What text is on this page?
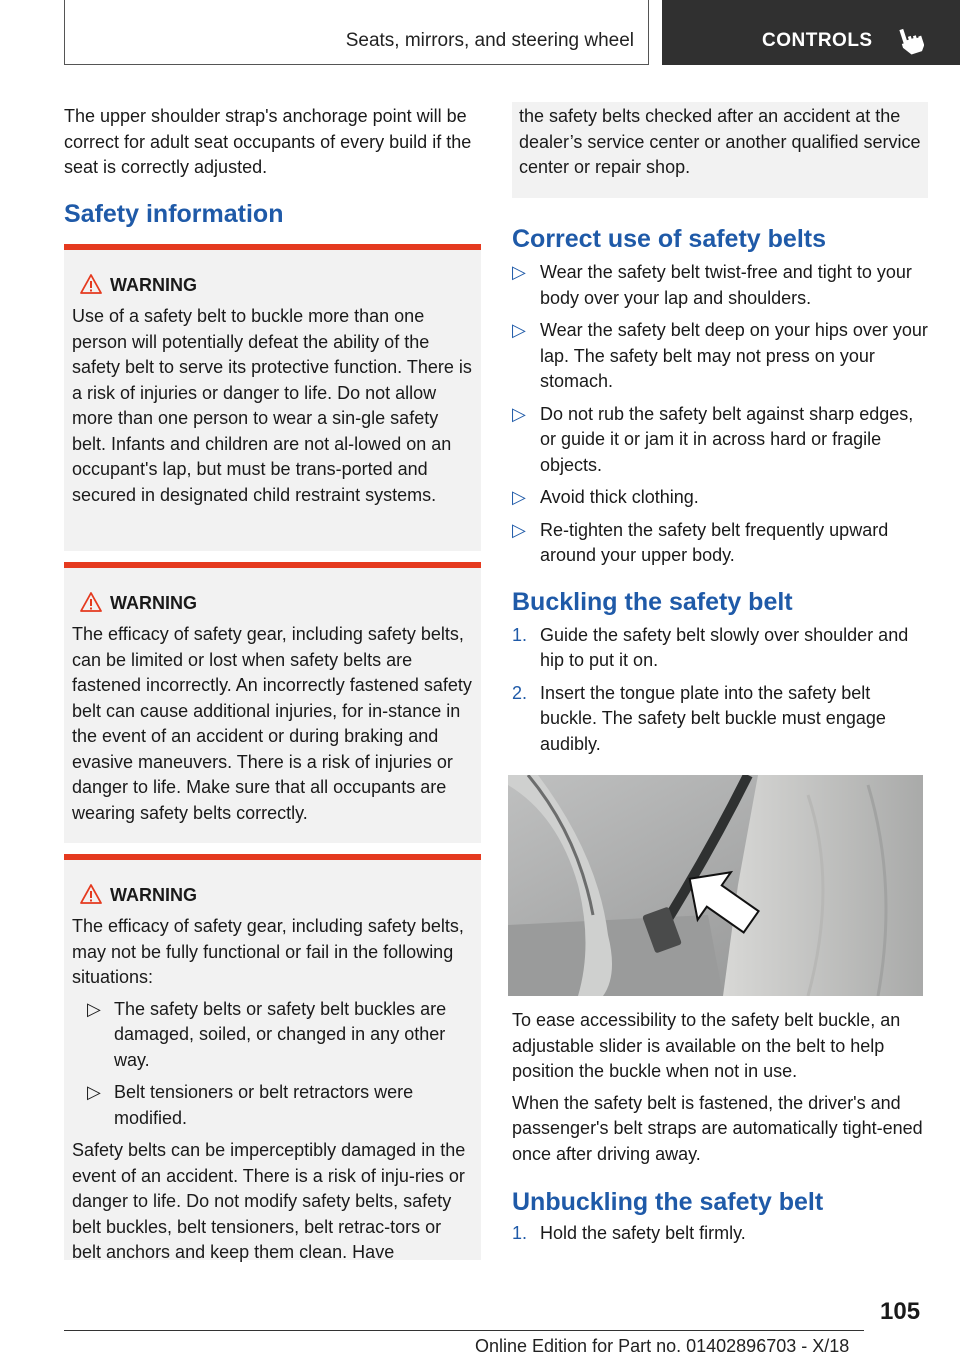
Seats, mirrors, and steering wheel	CONTROLS

The upper shoulder strap's anchorage point will be correct for adult seat occupants of every build if the seat is correctly adjusted.

Safety information
WARNING

Use of a safety belt to buckle more than one person will potentially defeat the ability of the safety belt to serve its protective function. There is a risk of injuries or danger to life. Do not allow more than one person to wear a sin‐gle safety belt. Infants and children are not al‐lowed on an occupant's lap, but must be trans‐ported and secured in designated child restraint systems.

WARNING

The efficacy of safety gear, including safety belts, can be limited or lost when safety belts are fastened incorrectly. An incorrectly fastened safety belt can cause additional injuries, for in‐stance in the event of an accident or during braking and evasive maneuvers. There is a risk of injuries or danger to life. Make sure that all occupants are wearing safety belts correctly.

WARNING

The efficacy of safety gear, including safety belts, may not be fully functional or fail in the following situations:

▷ The safety belts or safety belt buckles are damaged, soiled, or changed in any other way.
▷ Belt tensioners or belt retractors were modified.

Safety belts can be imperceptibly damaged in the event of an accident. There is a risk of inju‐ries or danger to life. Do not modify safety belts, safety belt buckles, belt tensioners, belt retrac‐tors or belt anchors and keep them clean. Have

the safety belts checked after an accident at the dealer’s service center or another qualified service center or repair shop.
Correct use of safety belts
▷ Wear the safety belt twist-free and tight to your body over your lap and shoulders.
▷ Wear the safety belt deep on your hips over your lap. The safety belt may not press on your stomach.
▷ Do not rub the safety belt against sharp edges, or guide it or jam it in across hard or fragile objects.
▷ Avoid thick clothing.
▷ Re-tighten the safety belt frequently upward around your upper body.
Buckling the safety belt
1. Guide the safety belt slowly over shoulder and hip to put it on.
2. Insert the tongue plate into the safety belt buckle. The safety belt buckle must engage audibly.

To ease accessibility to the safety belt buckle, an adjustable slider is available on the belt to help position the buckle when not in use.

When the safety belt is fastened, the driver's and passenger's belt straps are automatically tight‐ened once after driving away.

Unbuckling the safety belt
1. Hold the safety belt firmly.
105
Online Edition for Part no. 01402896703 - X/18
